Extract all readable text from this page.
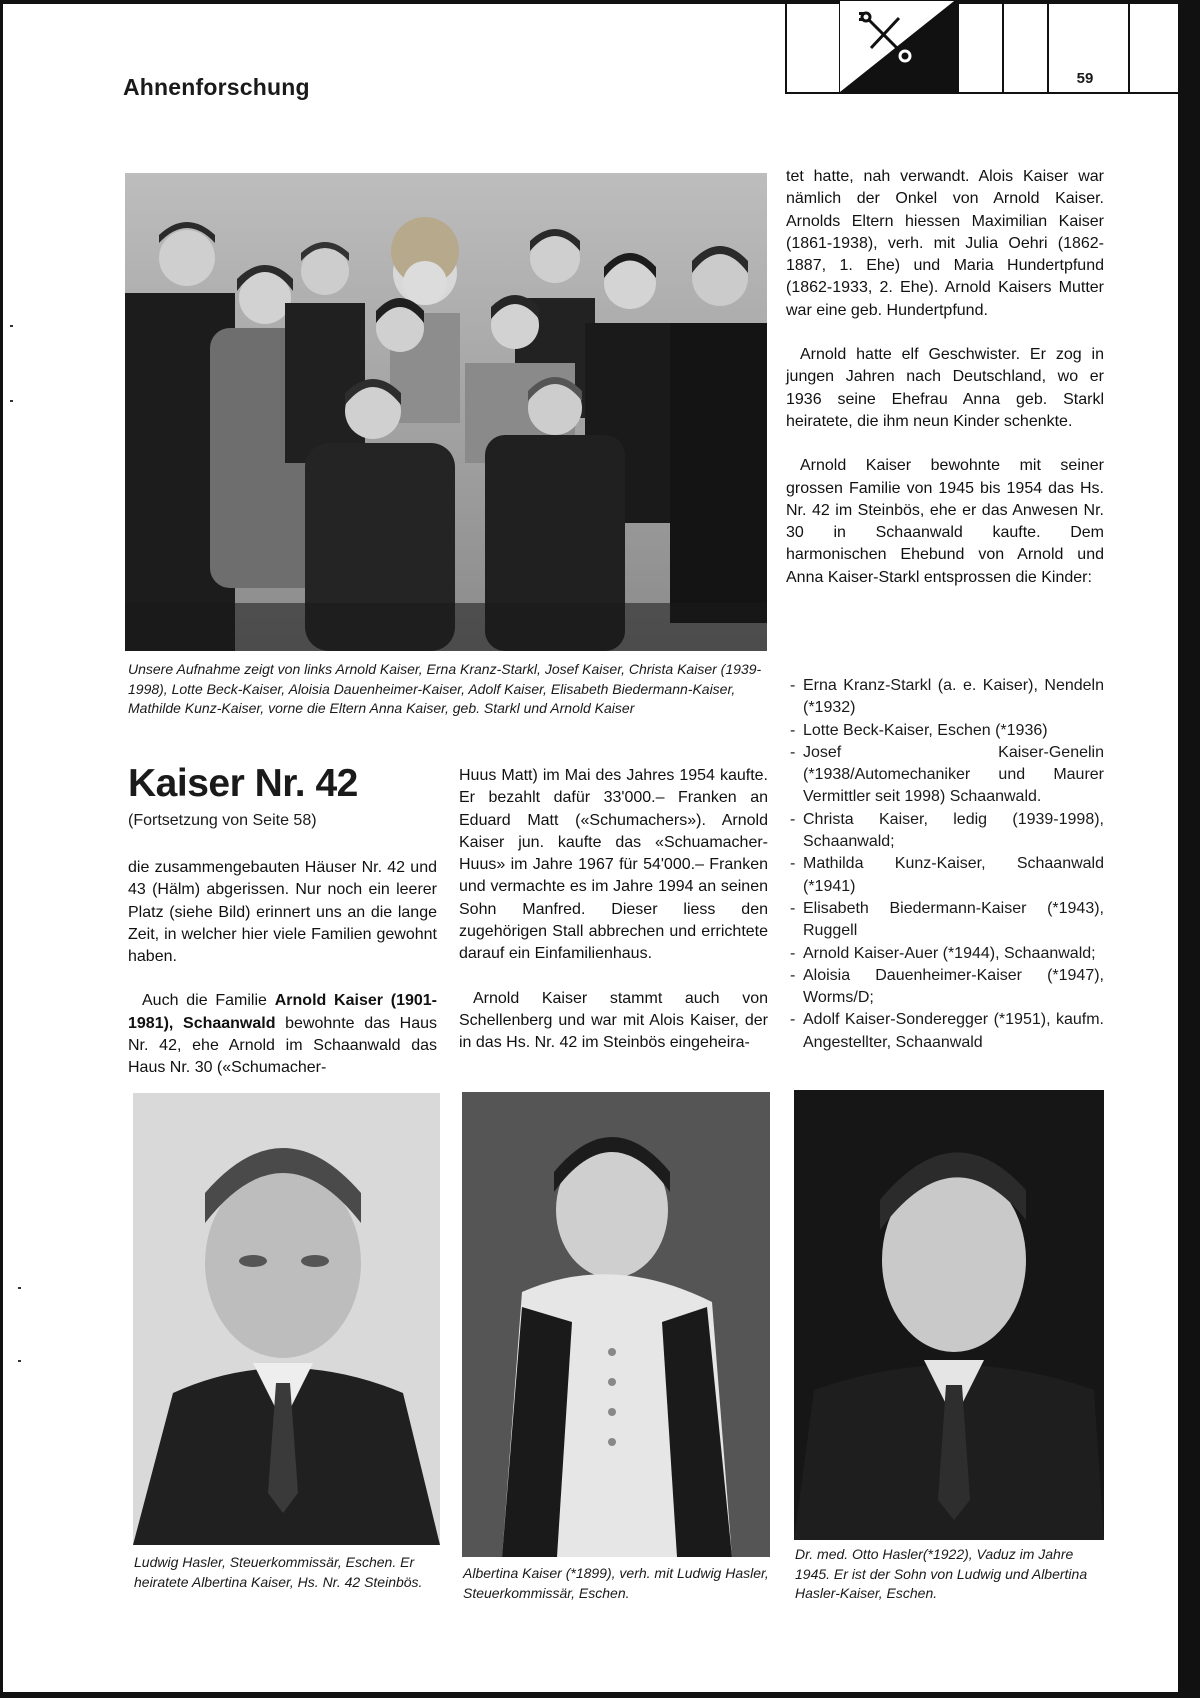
Ahnenforschung	59

Unsere Aufnahme zeigt von links Arnold Kaiser, Erna Kranz-Starkl, Josef Kaiser, Christa Kaiser (1939-1998), Lotte Beck-Kaiser, Aloisia Dauenheimer-Kaiser, Adolf Kaiser, Elisabeth Biedermann-Kaiser, Mathilde Kunz-Kaiser, vorne die Eltern Anna Kaiser, geb. Starkl und Arnold Kaiser

Kaiser Nr. 42

(Fortsetzung von Seite 58)

die zusammengebauten Häuser Nr. 42 und 43 (Hälm) abgerissen. Nur noch ein leerer Platz (siehe Bild) erinnert uns an die lange Zeit, in welcher hier viele Familien gewohnt haben.

Auch die Familie Arnold Kaiser (1901-1981), Schaanwald bewohnte das Haus Nr. 42, ehe Arnold im Schaanwald das Haus Nr. 30 («Schumacher-

Huus Matt) im Mai des Jahres 1954 kaufte. Er bezahlt dafür 33'000.– Franken an Eduard Matt («Schumachers»). Arnold Kaiser jun. kaufte das «Schuamacher-Huus» im Jahre 1967 für 54'000.– Franken und vermachte es im Jahre 1994 an seinen Sohn Manfred. Dieser liess den zugehörigen Stall abbrechen und errichtete darauf ein Einfamilienhaus.

Arnold Kaiser stammt auch von Schellenberg und war mit Alois Kaiser, der in das Hs. Nr. 42 im Steinbös eingeheira-

tet hatte, nah verwandt. Alois Kaiser war nämlich der Onkel von Arnold Kaiser. Arnolds Eltern hiessen Maximilian Kaiser (1861-1938), verh. mit Julia Oehri (1862-1887, 1. Ehe) und Maria Hundertpfund (1862-1933, 2. Ehe). Arnold Kaisers Mutter war eine geb. Hundertpfund.

Arnold hatte elf Geschwister. Er zog in jungen Jahren nach Deutschland, wo er 1936 seine Ehefrau Anna geb. Starkl heiratete, die ihm neun Kinder schenkte.

Arnold Kaiser bewohnte mit seiner grossen Familie von 1945 bis 1954 das Hs. Nr. 42 im Steinbös, ehe er das Anwesen Nr. 30 in Schaanwald kaufte. Dem harmonischen Ehebund von Arnold und Anna Kaiser-Starkl entsprossen die Kinder:

- Erna Kranz-Starkl (a. e. Kaiser), Nendeln (*1932)
- Lotte Beck-Kaiser, Eschen (*1936)
- Josef Kaiser-Genelin (*1938/Automechaniker und Maurer Vermittler seit 1998) Schaanwald.
- Christa Kaiser, ledig (1939-1998), Schaanwald;
- Mathilda Kunz-Kaiser, Schaanwald (*1941)
- Elisabeth Biedermann-Kaiser (*1943), Ruggell
- Arnold Kaiser-Auer (*1944), Schaanwald;
- Aloisia Dauenheimer-Kaiser (*1947), Worms/D;
- Adolf Kaiser-Sonderegger (*1951), kaufm. Angestellter, Schaanwald

Ludwig Hasler, Steuerkommissär, Eschen. Er heiratete Albertina Kaiser, Hs. Nr. 42 Steinbös.

Albertina Kaiser (*1899), verh. mit Ludwig Hasler, Steuerkommissär, Eschen.

Dr. med. Otto Hasler(*1922), Vaduz im Jahre 1945. Er ist der Sohn von Ludwig und Albertina Hasler-Kaiser, Eschen.
